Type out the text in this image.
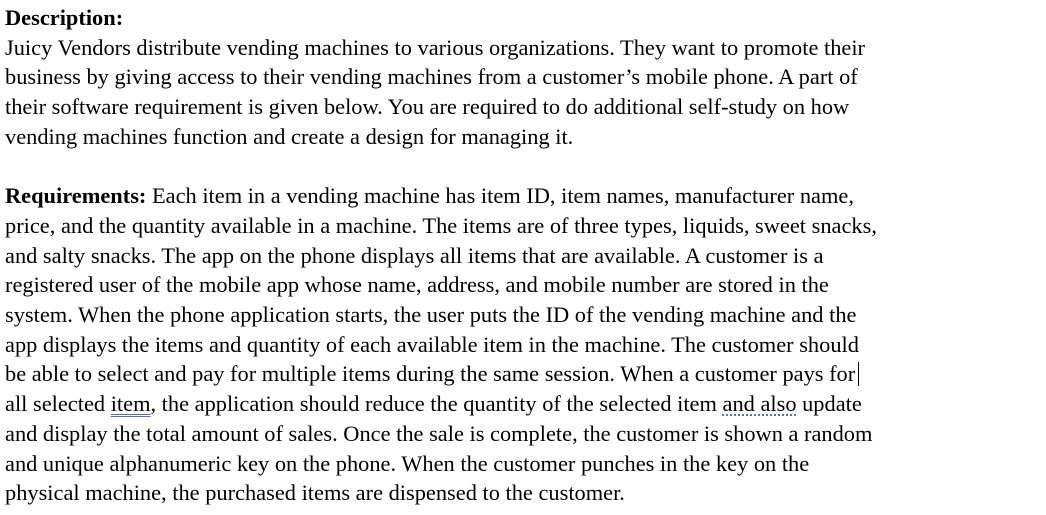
Description:
Juicy Vendors distribute vending machines to various organizations. They want to promote their
business by giving access to their vending machines from a customer’s mobile phone. A part of
their software requirement is given below. You are required to do additional self-study on how
vending machines function and create a design for managing it.
Requirements: Each item in a vending machine has item ID, item names, manufacturer name,
price, and the quantity available in a machine. The items are of three types, liquids, sweet snacks,
and salty snacks. The app on the phone displays all items that are available. A customer is a
registered user of the mobile app whose name, address, and mobile number are stored in the
system. When the phone application starts, the user puts the ID of the vending machine and the
app displays the items and quantity of each available item in the machine. The customer should
be able to select and pay for multiple items during the same session. When a customer pays for
all selected item, the application should reduce the quantity of the selected item and also update
and display the total amount of sales. Once the sale is complete, the customer is shown a random
and unique alphanumeric key on the phone. When the customer punches in the key on the
physical machine, the purchased items are dispensed to the customer.
